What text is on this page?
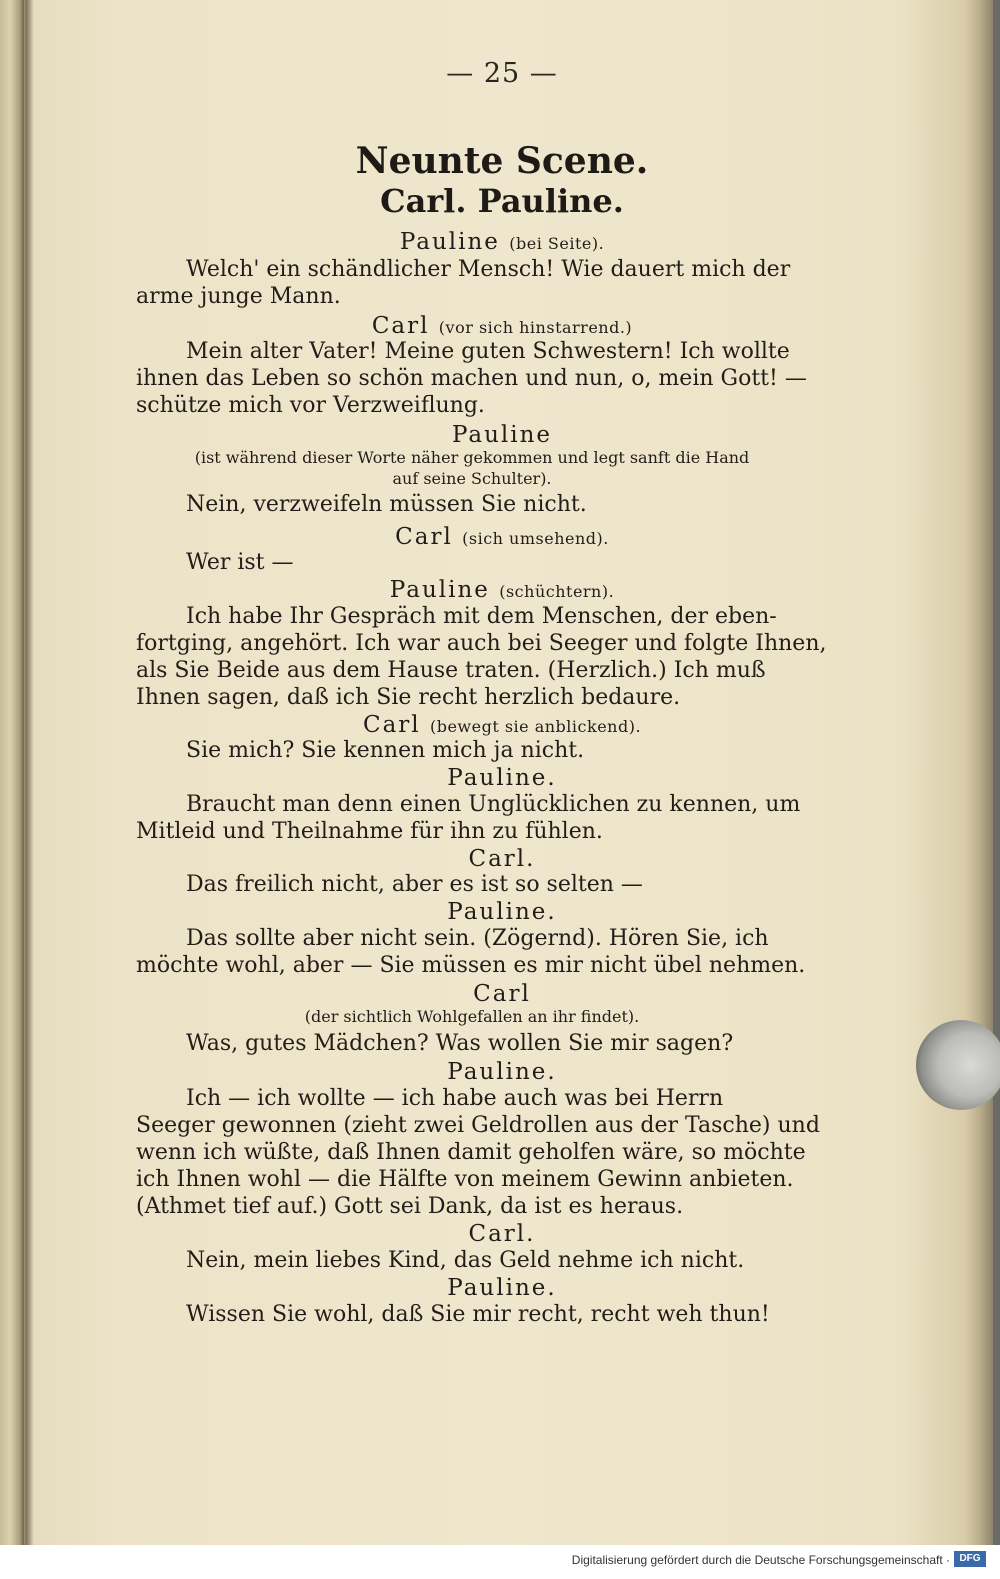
— 25 —
Neunte Scene.
Carl. Pauline.
Pauline (bei Seite).
Welch' ein schändlicher Mensch! Wie dauert mich der
arme junge Mann.
Carl (vor sich hinstarrend.)
Mein alter Vater! Meine guten Schwestern! Ich wollte
ihnen das Leben so schön machen und nun, o, mein Gott! —
schütze mich vor Verzweiflung.
Pauline
(ist während dieser Worte näher gekommen und legt sanft die Hand
auf seine Schulter).
Nein, verzweifeln müssen Sie nicht.
Carl (sich umsehend).
Wer ist —
Pauline (schüchtern).
Ich habe Ihr Gespräch mit dem Menschen, der eben-
fortging, angehört. Ich war auch bei Seeger und folgte Ihnen,
als Sie Beide aus dem Hause traten. (Herzlich.) Ich muß
Ihnen sagen, daß ich Sie recht herzlich bedaure.
Carl (bewegt sie anblickend).
Sie mich? Sie kennen mich ja nicht.
Pauline.
Braucht man denn einen Unglücklichen zu kennen, um
Mitleid und Theilnahme für ihn zu fühlen.
Carl.
Das freilich nicht, aber es ist so selten —
Pauline.
Das sollte aber nicht sein. (Zögernd). Hören Sie, ich
möchte wohl, aber — Sie müssen es mir nicht übel nehmen.
Carl
(der sichtlich Wohlgefallen an ihr findet).
Was, gutes Mädchen? Was wollen Sie mir sagen?
Pauline.
Ich — ich wollte — ich habe auch was bei Herrn
Seeger gewonnen (zieht zwei Geldrollen aus der Tasche) und
wenn ich wüßte, daß Ihnen damit geholfen wäre, so möchte
ich Ihnen wohl — die Hälfte von meinem Gewinn anbieten.
(Athmet tief auf.) Gott sei Dank, da ist es heraus.
Carl.
Nein, mein liebes Kind, das Geld nehme ich nicht.
Pauline.
Wissen Sie wohl, daß Sie mir recht, recht weh thun!
Digitalisierung gefördert durch die Deutsche Forschungsgemeinschaft · DFG
